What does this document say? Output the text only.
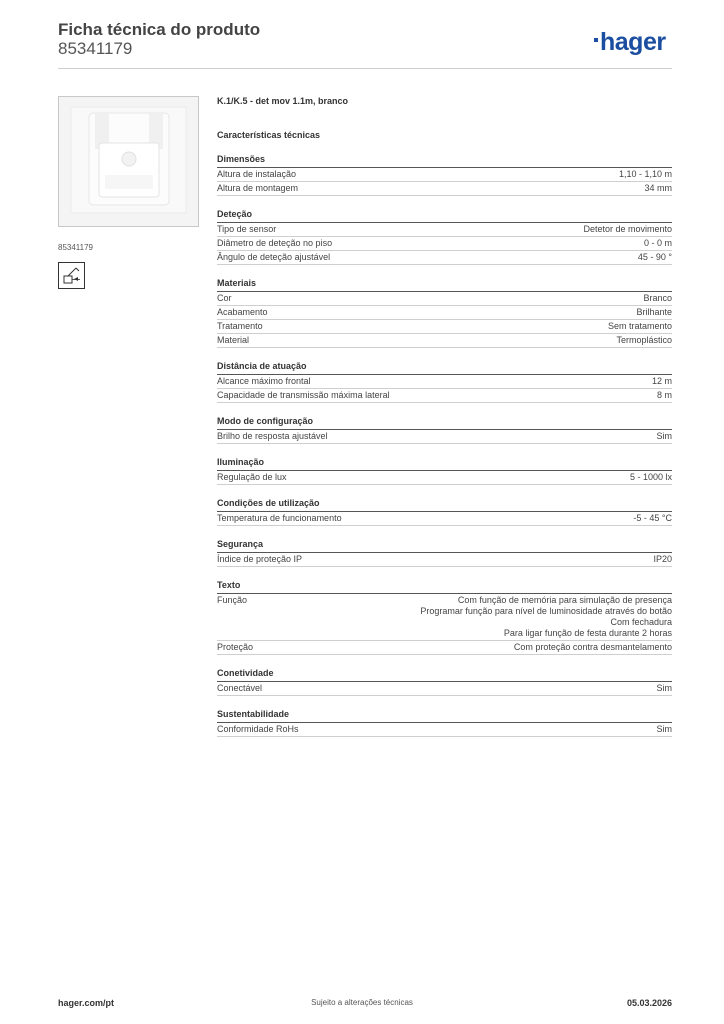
Ficha técnica do produto
85341179	hager
85341179
K.1/K.5 - det mov 1.1m, branco
Características técnicas
Dimensões
Altura de instalação	1,10 - 1,10 m
Altura de montagem	34 mm
Deteção
Tipo de sensor	Detetor de movimento
Diâmetro de deteção no piso	0 - 0 m
Ângulo de deteção ajustável	45 - 90 °
Materiais
Cor	Branco
Acabamento	Brilhante
Tratamento	Sem tratamento
Material	Termoplástico
Distância de atuação
Alcance máximo frontal	12 m
Capacidade de transmissão máxima lateral	8 m
Modo de configuração
Brilho de resposta ajustável	Sim
Iluminação
Regulação de lux	5 - 1000 lx
Condições de utilização
Temperatura de funcionamento	-5 - 45 °C
Segurança
Índice de proteção IP	IP20
Texto
Função	Com função de memória para simulação de presença
Programar função para nível de luminosidade através do botão
Com fechadura
Para ligar função de festa durante 2 horas
Proteção	Com proteção contra desmantelamento
Conetividade
Conectável	Sim
Sustentabilidade
Conformidade RoHs	Sim
hager.com/pt	Sujeito a alterações técnicas	05.03.2026
